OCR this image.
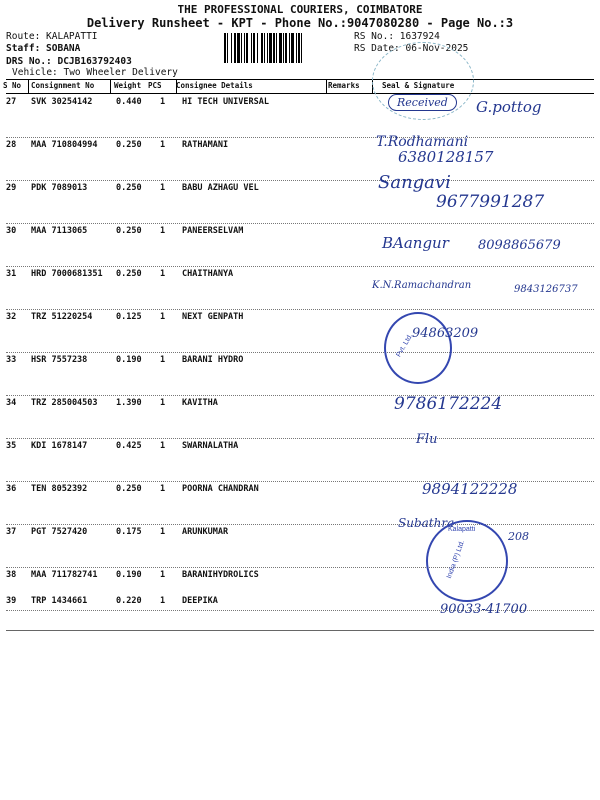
THE PROFESSIONAL COURIERS, COIMBATORE
Delivery Runsheet - KPT - Phone No.:9047080280 - Page No.:3
Route: KALAPATTI
Staff: SOBANA
DRS No.: DCJB163792403
Vehicle: Two Wheeler Delivery
RS No.: 1637924
RS Date: 06-Nov-2025
S No Consignment No	Weight PCS Consignee Details	Remarks	Seal & Signature
27 SVK 30254142	0.440 1 HI TECH UNIVERSAL
28 MAA 710804994 0.250 1 RATHAMANI
29 PDK 7089013	0.250 1 BABU AZHAGU VEL
30 MAA 7113065	0.250 1 PANEERSELVAM
31 HRD 7000681351 0.250 1 CHAITHANYA
32 TRZ 51220254	0.125 1 NEXT GENPATH
33 HSR 7557238	0.190 1 BARANI HYDRO
34 TRZ 285004503 1.390 1 KAVITHA
35 KDI 1678147	0.425 1 SWARNALATHA
36 TEN 8052392	0.250 1 POORNA CHANDRAN
37 PGT 7527420	0.175 1 ARUNKUMAR
38 MAA 711782741 0.190 1 BARANIHYDROLICS
39 TRP 1434661	0.220 1 DEEPIKA
Received	G.pottog
T.Rodhamani
6380128157
Sangavi
9677991287
BAangur 8098865679
K.N.Ramachandran	9843126737
Pvt. Ltd.
94863209
9786172224
Flu
9894122228
Subathra
208
Kalapatti
India (P) Ltd.
90033-41700
